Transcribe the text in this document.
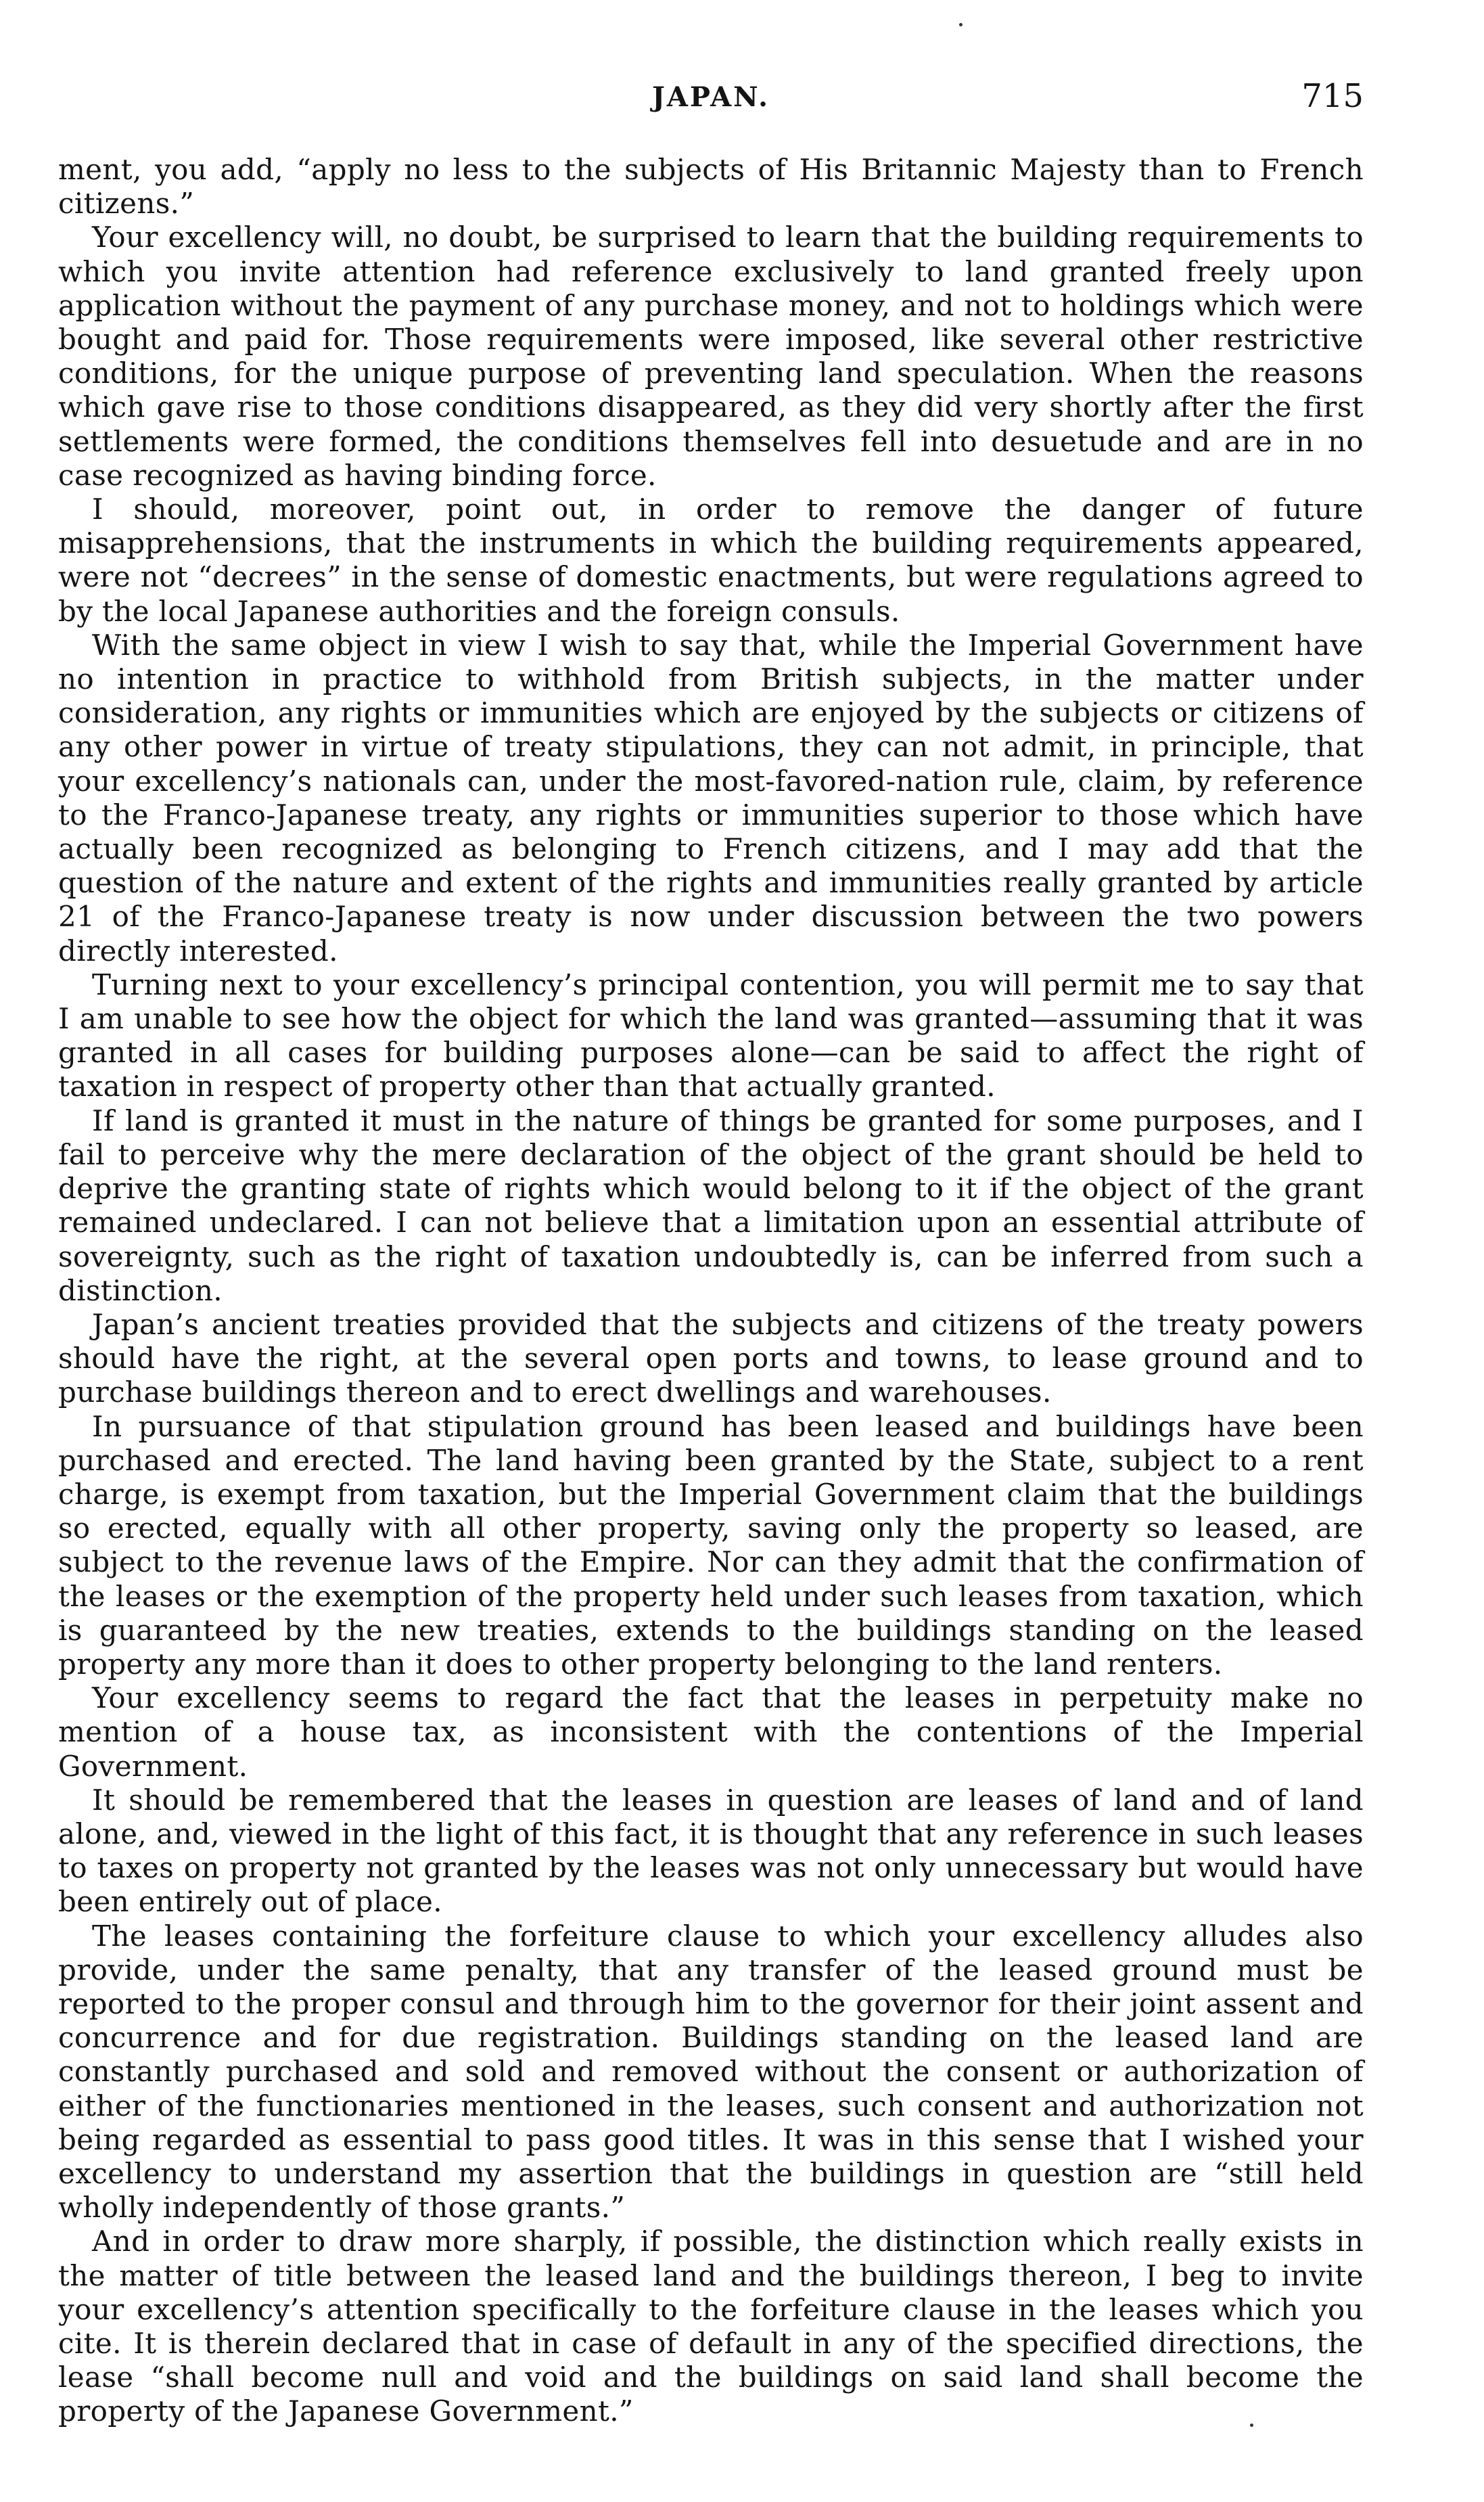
JAPAN.	715

ment, you add, “apply no less to the subjects of His Britannic Majesty than to French citizens.”

Your excellency will, no doubt, be surprised to learn that the building requirements to which you invite attention had reference exclusively to land granted freely upon application without the payment of any purchase money, and not to holdings which were bought and paid for. Those requirements were imposed, like several other restrictive conditions, for the unique purpose of preventing land speculation. When the reasons which gave rise to those conditions disappeared, as they did very shortly after the first settlements were formed, the conditions themselves fell into desuetude and are in no case recognized as having binding force.

I should, moreover, point out, in order to remove the danger of future misapprehensions, that the instruments in which the building requirements appeared, were not “decrees” in the sense of domestic enactments, but were regulations agreed to by the local Japanese authorities and the foreign consuls.

With the same object in view I wish to say that, while the Imperial Government have no intention in practice to withhold from British subjects, in the matter under consideration, any rights or immunities which are enjoyed by the subjects or citizens of any other power in virtue of treaty stipulations, they can not admit, in principle, that your excellency’s nationals can, under the most-favored-nation rule, claim, by reference to the Franco-Japanese treaty, any rights or immunities superior to those which have actually been recognized as belonging to French citizens, and I may add that the question of the nature and extent of the rights and immunities really granted by article 21 of the Franco-Japanese treaty is now under discussion between the two powers directly interested.

Turning next to your excellency’s principal contention, you will permit me to say that I am unable to see how the object for which the land was granted—assuming that it was granted in all cases for building purposes alone—can be said to affect the right of taxation in respect of property other than that actually granted.

If land is granted it must in the nature of things be granted for some purposes, and I fail to perceive why the mere declaration of the object of the grant should be held to deprive the granting state of rights which would belong to it if the object of the grant remained undeclared. I can not believe that a limitation upon an essential attribute of sovereignty, such as the right of taxation undoubtedly is, can be inferred from such a distinction.

Japan’s ancient treaties provided that the subjects and citizens of the treaty powers should have the right, at the several open ports and towns, to lease ground and to purchase buildings thereon and to erect dwellings and warehouses.

In pursuance of that stipulation ground has been leased and buildings have been purchased and erected. The land having been granted by the State, subject to a rent charge, is exempt from taxation, but the Imperial Government claim that the buildings so erected, equally with all other property, saving only the property so leased, are subject to the revenue laws of the Empire. Nor can they admit that the confirmation of the leases or the exemption of the property held under such leases from taxation, which is guaranteed by the new treaties, extends to the buildings standing on the leased property any more than it does to other property belonging to the land renters.

Your excellency seems to regard the fact that the leases in perpetuity make no mention of a house tax, as inconsistent with the contentions of the Imperial Government.

It should be remembered that the leases in question are leases of land and of land alone, and, viewed in the light of this fact, it is thought that any reference in such leases to taxes on property not granted by the leases was not only unnecessary but would have been entirely out of place.

The leases containing the forfeiture clause to which your excellency alludes also provide, under the same penalty, that any transfer of the leased ground must be reported to the proper consul and through him to the governor for their joint assent and concurrence and for due registration. Buildings standing on the leased land are constantly purchased and sold and removed without the consent or authorization of either of the functionaries mentioned in the leases, such consent and authorization not being regarded as essential to pass good titles. It was in this sense that I wished your excellency to understand my assertion that the buildings in question are “still held wholly independently of those grants.”

And in order to draw more sharply, if possible, the distinction which really exists in the matter of title between the leased land and the buildings thereon, I beg to invite your excellency’s attention specifically to the forfeiture clause in the leases which you cite. It is therein declared that in case of default in any of the specified directions, the lease “shall become null and void and the buildings on said land shall become the property of the Japanese Government.”
